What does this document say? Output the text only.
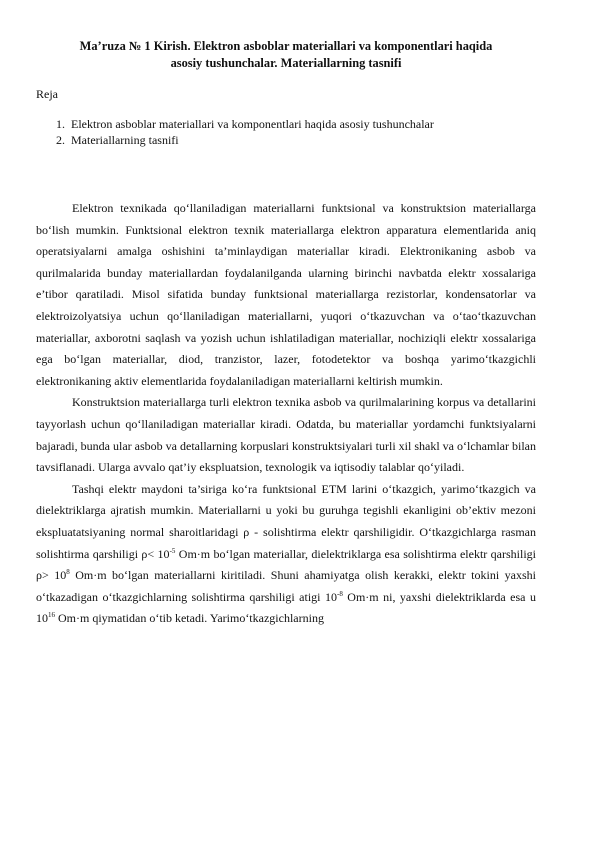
Ma’ruza № 1 Kirish. Elektron asboblar materiallari va komponentlari haqida
asosiy tushunchalar. Materiallarning tasnifi
Reja
1. Elektron asboblar materiallari va komponentlari haqida asosiy tushunchalar
2. Materiallarning tasnifi

Elektron texnikada qo‘llaniladigan materiallarni funktsional va konstruktsion materiallarga bo‘lish mumkin. Funktsional elektron texnik materiallarga elektron apparatura elementlarida aniq operatsiyalarni amalga oshishini ta’minlaydigan materiallar kiradi. Elektronikaning asbob va qurilmalarida bunday materiallardan foydalanilganda ularning birinchi navbatda elektr xossalariga e’tibor qaratiladi. Misol sifatida bunday funktsional materiallarga rezistorlar, kondensatorlar va elektroizolyatsiya uchun qo‘llaniladigan materiallarni, yuqori o‘tkazuvchan va o‘tao‘tkazuvchan materiallar, axborotni saqlash va yozish uchun ishlatiladigan materiallar, nochiziqli elektr xossalariga ega bo‘lgan materiallar, diod, tranzistor, lazer, fotodetektor va boshqa yarimo‘tkazgichli elektronikaning aktiv elementlarida foydalaniladigan materiallarni keltirish mumkin.

Konstruktsion materiallarga turli elektron texnika asbob va qurilmalarining korpus va detallarini tayyorlash uchun qo‘llaniladigan materiallar kiradi. Odatda, bu materiallar yordamchi funktsiyalarni bajaradi, bunda ular asbob va detallarning korpuslari konstruktsiyalari turli xil shakl va o‘lchamlar bilan tavsiflanadi. Ularga avvalo qat’iy ekspluatsion, texnologik va iqtisodiy talablar qo‘yiladi.

Tashqi elektr maydoni ta’siriga ko‘ra funktsional ETM larini o‘tkazgich, yarimo‘tkazgich va dielektriklarga ajratish mumkin. Materiallarni u yoki bu guruhga tegishli ekanligini ob’ektiv mezoni ekspluatatsiyaning normal sharoitlaridagi ρ - solishtirma elektr qarshiligidir. O‘tkazgichlarga rasman solishtirma qarshiligi $\rho< 10^{-5}$ Om·m bo‘lgan materiallar, dielektriklarga esa solishtirma elektr qarshiligi $\rho> 10^8$ Om·m bo‘lgan materiallarni kiritiladi. Shuni ahamiyatga olish kerakki, elektr tokini yaxshi o‘tkazadigan o‘tkazgichlarning solishtirma qarshiligi atigi $10^{-8}$ Om·m ni, yaxshi dielektriklarda esa u $10^{16}$ Om·m qiymatidan o‘tib ketadi. Yarimo‘tkazgichlarning
